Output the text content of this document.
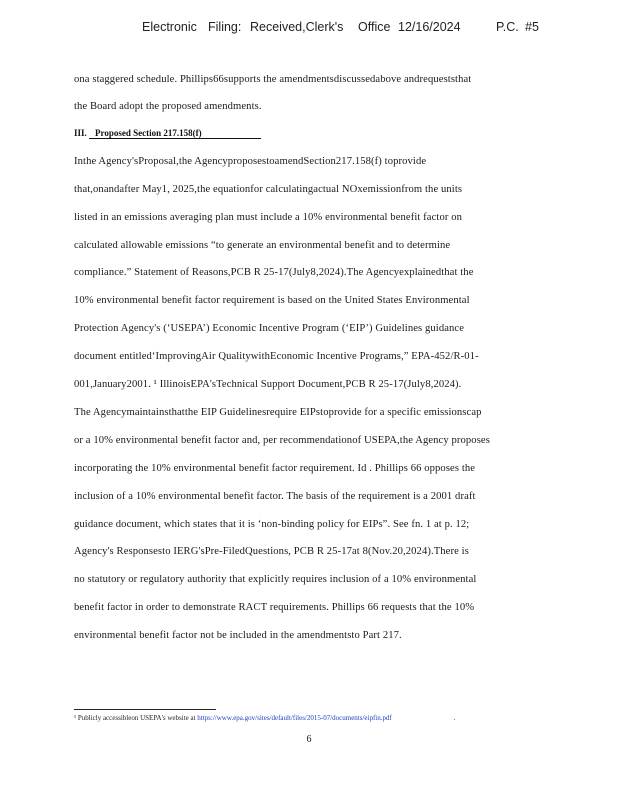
Electronic Filing: Received,Clerk's Office 12/16/2024	P.C. #5
ona staggered schedule. Phillips66supports the amendmentsdiscussedabove andrequeststhat
the Board adopt the proposed amendments.
Inthe Agency'sProposal,the AgencyproposestoamendSection217.158(f) toprovide
that,onandafter May1, 2025,the equationfor calculatingactual NOxemissionfrom the units
listed in an emissions averaging plan must include a 10% environmental benefit factor on
calculated allowable emissions “to generate an environmental benefit and to determine
compliance.” Statement of Reasons,PCB R 25-17(July8,2024).The Agencyexplainedthat the
10% environmental benefit factor requirement is based on the United States Environmental
Protection Agency's (‘USEPA’) Economic Incentive Program (‘EIP’) Guidelines guidance
document entitled‘ImprovingAir QualitywithEconomic Incentive Programs,” EPA-452/R-01-
001,January2001. ¹ IllinoisEPA'sTechnical Support Document,PCB R 25-17(July8,2024).
The Agencymaintainsthatthe EIP Guidelinesrequire EIPstoprovide for a specific emissionscap
or a 10% environmental benefit factor and, per recommendationof USEPA,the Agency proposes
incorporating the 10% environmental benefit factor requirement. Id . Phillips 66 opposes the
inclusion of a 10% environmental benefit factor. The basis of the requirement is a 2001 draft
guidance document, which states that it is ‘non-binding policy for EIPs”. See fn. 1 at p. 12;
Agency's Responsesto IERG'sPre-FiledQuestions, PCB R 25-17at 8(Nov.20,2024).There is
no statutory or regulatory authority that explicitly requires inclusion of a 10% environmental
benefit factor in order to demonstrate RACT requirements. Phillips 66 requests that the 10%
environmental benefit factor not be included in the amendmentsto Part 217.
III. Proposed Section 217.158(f)
¹ Publicly accessibleon USEPA's website at https://www.epa.gov/sites/default/files/2015-07/documents/eipfin.pdf	.
6
